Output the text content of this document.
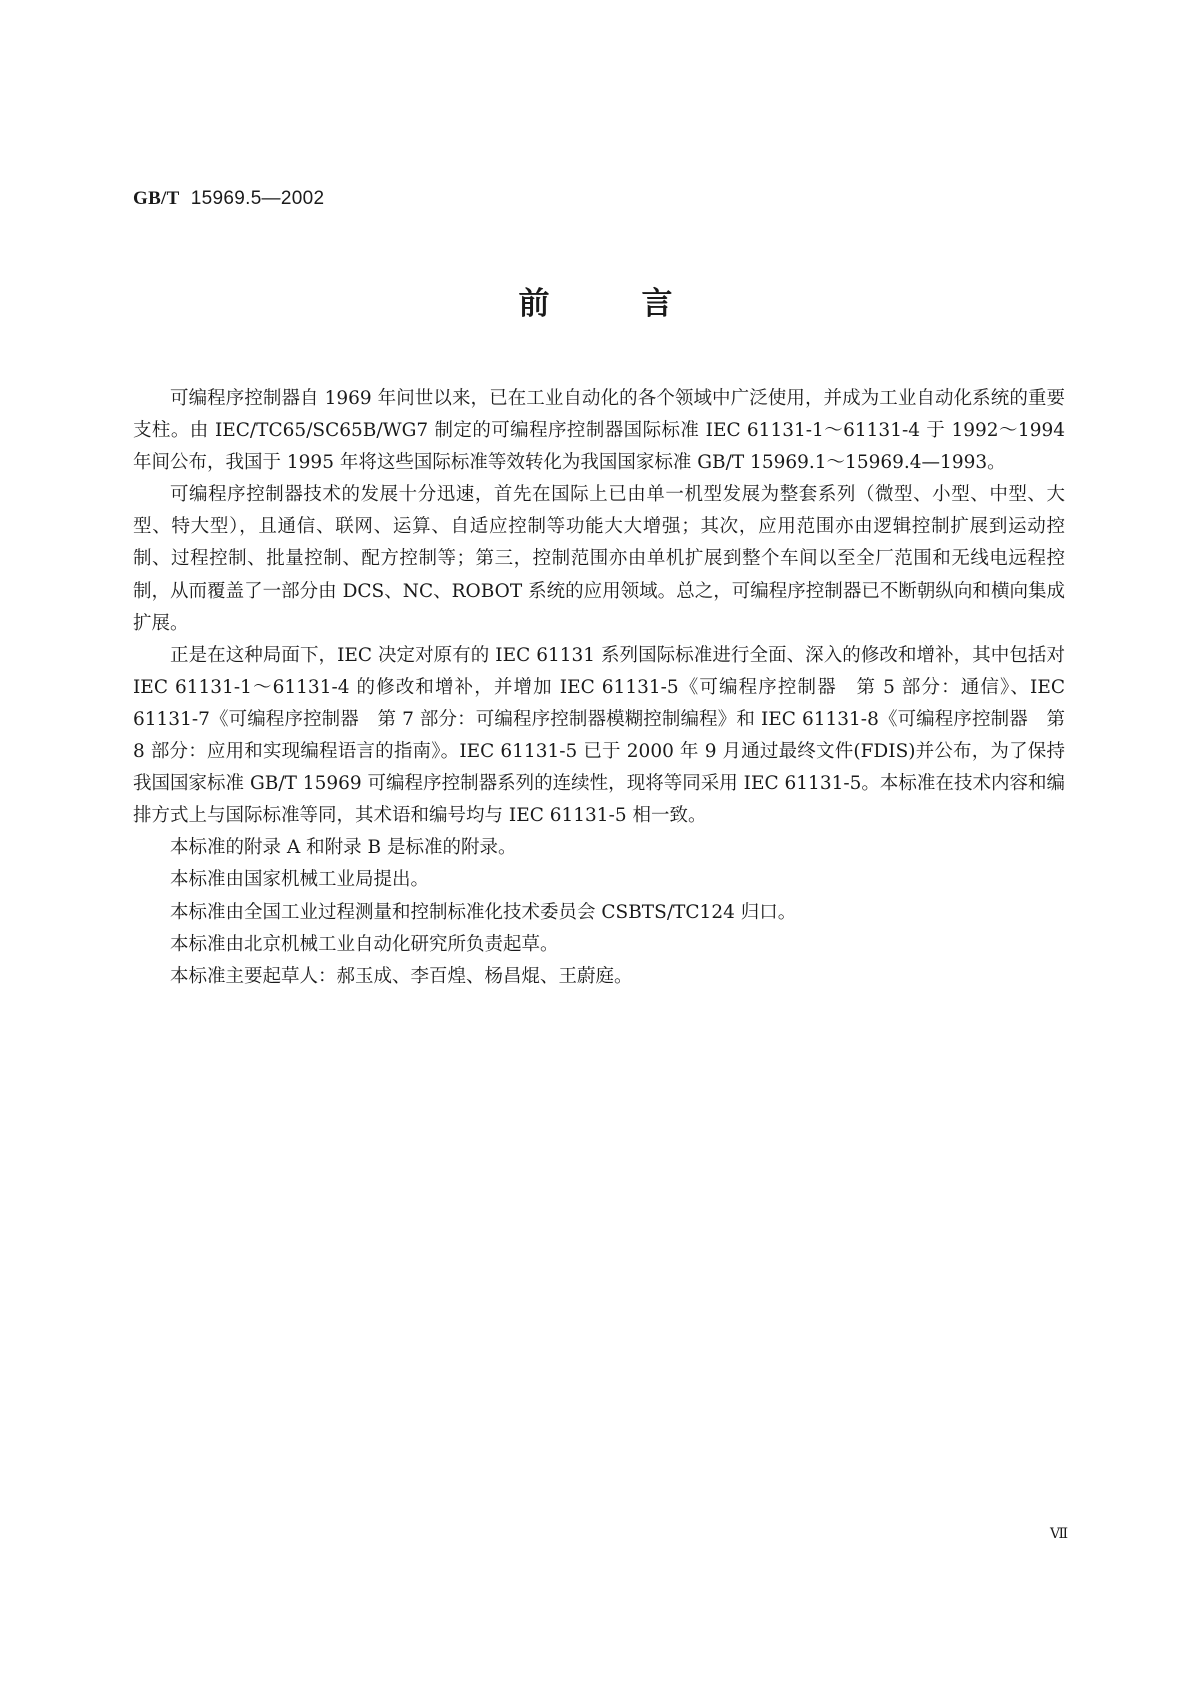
GB/T 15969.5—2002
前	言

可编程序控制器自 1969 年问世以来，已在工业自动化的各个领域中广泛使用，并成为工业自动化系统的重要支柱。由 IEC/TC65/SC65B/WG7 制定的可编程序控制器国际标准 IEC 61131-1～61131-4 于 1992～1994 年间公布，我国于 1995 年将这些国际标准等效转化为我国国家标准 GB/T 15969.1～15969.4—1993。

可编程序控制器技术的发展十分迅速，首先在国际上已由单一机型发展为整套系列（微型、小型、中型、大型、特大型），且通信、联网、运算、自适应控制等功能大大增强；其次，应用范围亦由逻辑控制扩展到运动控制、过程控制、批量控制、配方控制等；第三，控制范围亦由单机扩展到整个车间以至全厂范围和无线电远程控制，从而覆盖了一部分由 DCS、NC、ROBOT 系统的应用领域。总之，可编程序控制器已不断朝纵向和横向集成扩展。

正是在这种局面下，IEC 决定对原有的 IEC 61131 系列国际标准进行全面、深入的修改和增补，其中包括对 IEC 61131-1～61131-4 的修改和增补，并增加 IEC 61131-5《可编程序控制器　第 5 部分：通信》、IEC 61131-7《可编程序控制器　第 7 部分：可编程序控制器模糊控制编程》和 IEC 61131-8《可编程序控制器　第 8 部分：应用和实现编程语言的指南》。IEC 61131-5 已于 2000 年 9 月通过最终文件(FDIS)并公布，为了保持我国国家标准 GB/T 15969 可编程序控制器系列的连续性，现将等同采用 IEC 61131-5。本标准在技术内容和编排方式上与国际标准等同，其术语和编号均与 IEC 61131-5 相一致。

本标准的附录 A 和附录 B 是标准的附录。

本标准由国家机械工业局提出。

本标准由全国工业过程测量和控制标准化技术委员会 CSBTS/TC124 归口。

本标准由北京机械工业自动化研究所负责起草。

本标准主要起草人：郝玉成、李百煌、杨昌焜、王蔚庭。

Ⅶ
